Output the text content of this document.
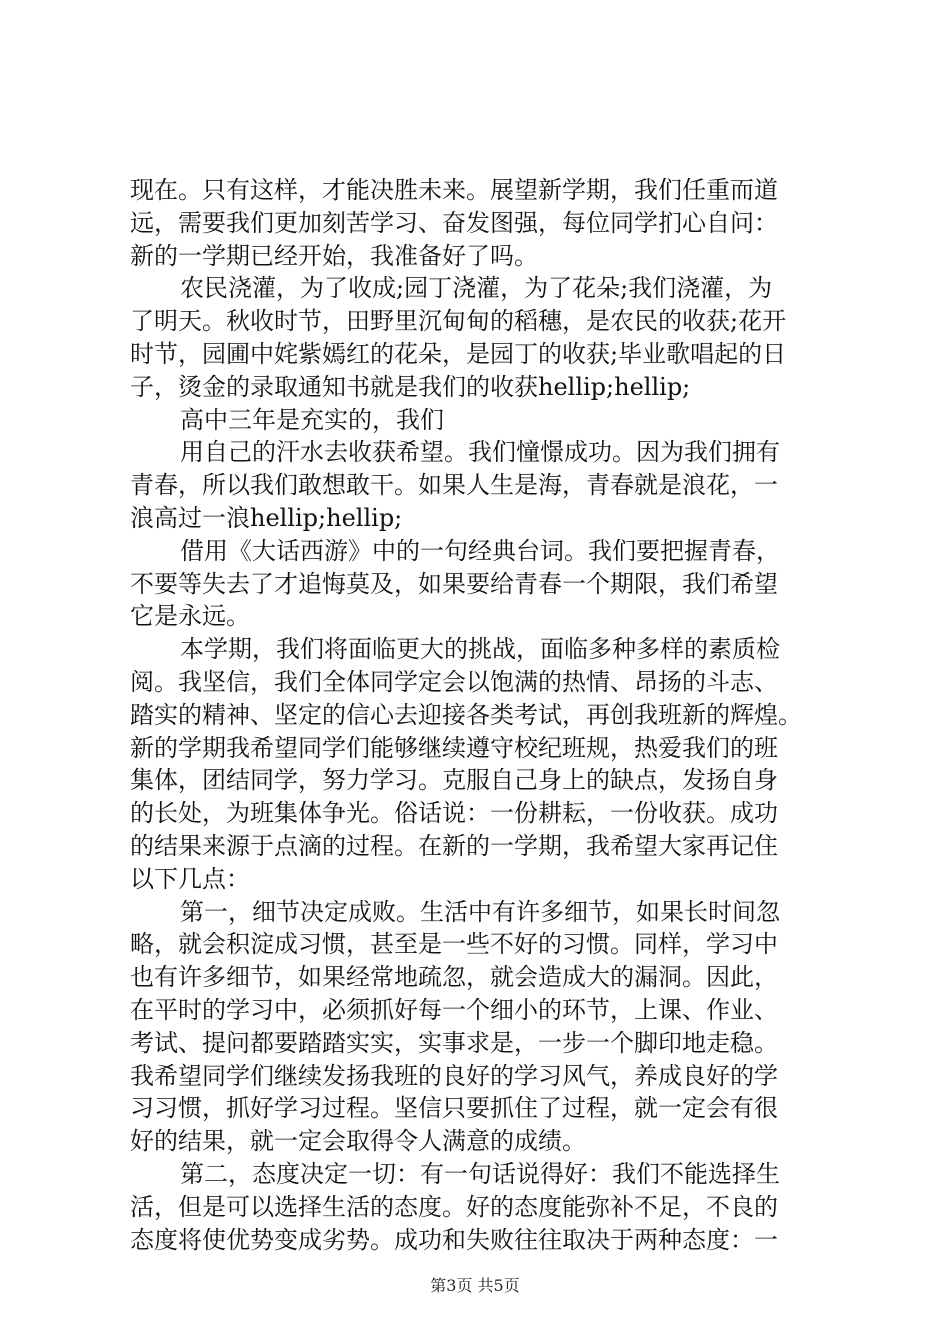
现在。只有这样，才能决胜未来。展望新学期，我们任重而道
远，需要我们更加刻苦学习、奋发图强，每位同学扪心自问：
新的一学期已经开始，我准备好了吗。
农民浇灌，为了收成;园丁浇灌，为了花朵;我们浇灌，为
了明天。秋收时节，田野里沉甸甸的稻穗，是农民的收获;花开
时节，园圃中姹紫嫣红的花朵，是园丁的收获;毕业歌唱起的日
子，烫金的录取通知书就是我们的收获hellip;hellip;
高中三年是充实的，我们
用自己的汗水去收获希望。我们憧憬成功。因为我们拥有
青春，所以我们敢想敢干。如果人生是海，青春就是浪花，一
浪高过一浪hellip;hellip;
借用《大话西游》中的一句经典台词。我们要把握青春，
不要等失去了才追悔莫及，如果要给青春一个期限，我们希望
它是永远。
本学期，我们将面临更大的挑战，面临多种多样的素质检
阅。我坚信，我们全体同学定会以饱满的热情、昂扬的斗志、
踏实的精神、坚定的信心去迎接各类考试，再创我班新的辉煌。
新的学期我希望同学们能够继续遵守校纪班规，热爱我们的班
集体，团结同学，努力学习。克服自己身上的缺点，发扬自身
的长处，为班集体争光。俗话说：一份耕耘，一份收获。成功
的结果来源于点滴的过程。在新的一学期，我希望大家再记住
以下几点：
第一，细节决定成败。生活中有许多细节，如果长时间忽
略，就会积淀成习惯，甚至是一些不好的习惯。同样，学习中
也有许多细节，如果经常地疏忽，就会造成大的漏洞。因此，
在平时的学习中，必须抓好每一个细小的环节，上课、作业、
考试、提问都要踏踏实实，实事求是，一步一个脚印地走稳。
我希望同学们继续发扬我班的良好的学习风气，养成良好的学
习习惯，抓好学习过程。坚信只要抓住了过程，就一定会有很
好的结果，就一定会取得令人满意的成绩。
第二，态度决定一切：有一句话说得好：我们不能选择生
活，但是可以选择生活的态度。好的态度能弥补不足，不良的
态度将使优势变成劣势。成功和失败往往取决于两种态度：一
第3页 共5页
